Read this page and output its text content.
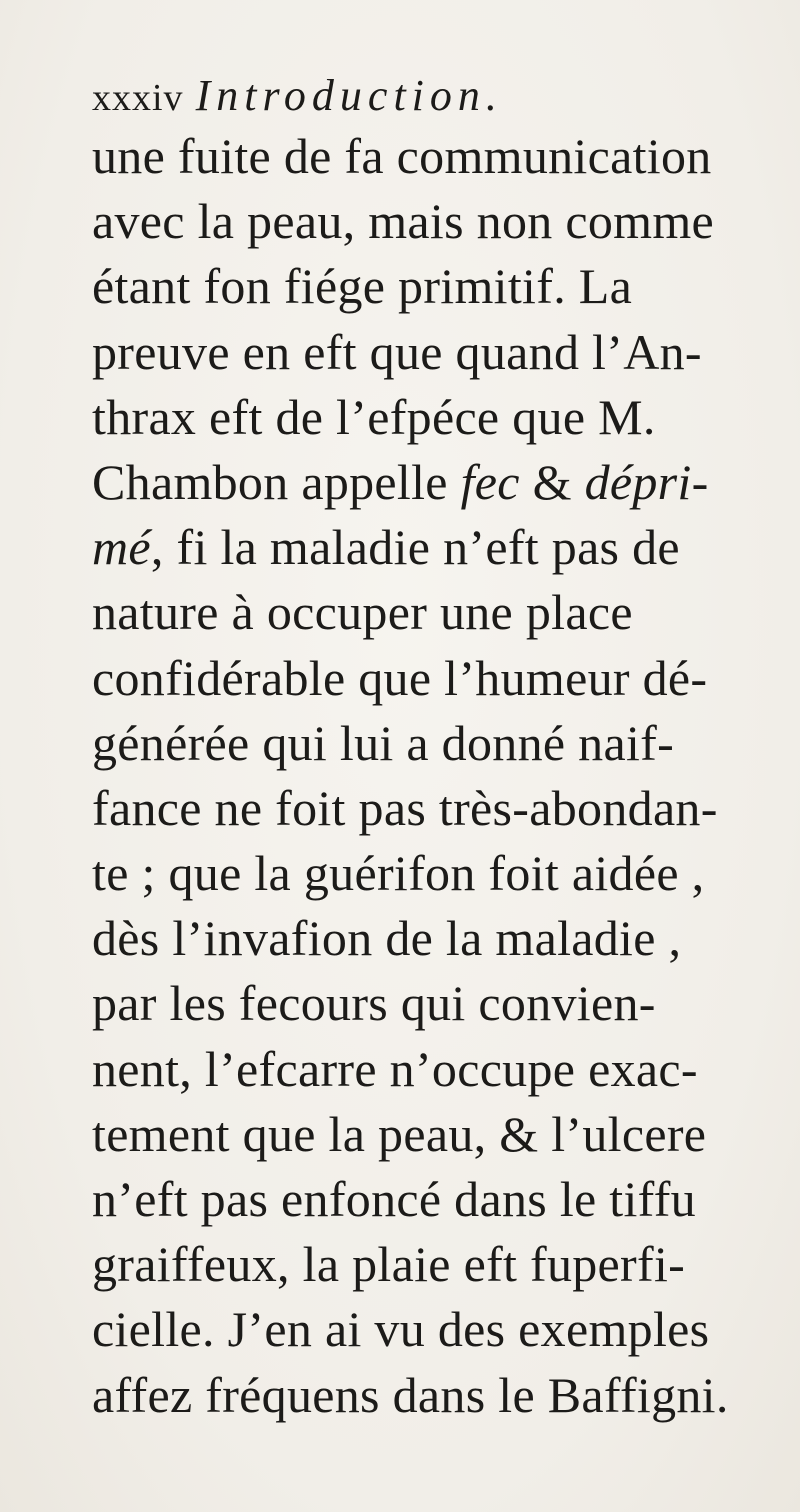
xxxiv Introduction.
une fuite de fa communication
avec la peau, mais non comme
étant fon fiége primitif. La
preuve en eft que quand l’An-
thrax eft de l’efpéce que M.
Chambon appelle fec & dépri-
mé, fi la maladie n’eft pas de
nature à occuper une place
confidérable que l’humeur dé-
générée qui lui a donné naif-
fance ne foit pas très-abondan-
te ; que la guérifon foit aidée ,
dès l’invafion de la maladie ,
par les fecours qui convien-
nent, l’efcarre n’occupe exac-
tement que la peau, & l’ulcere
n’eft pas enfoncé dans le tiffu
graiffeux, la plaie eft fuperfi-
cielle. J’en ai vu des exemples
affez fréquens dans le Baffigni.
